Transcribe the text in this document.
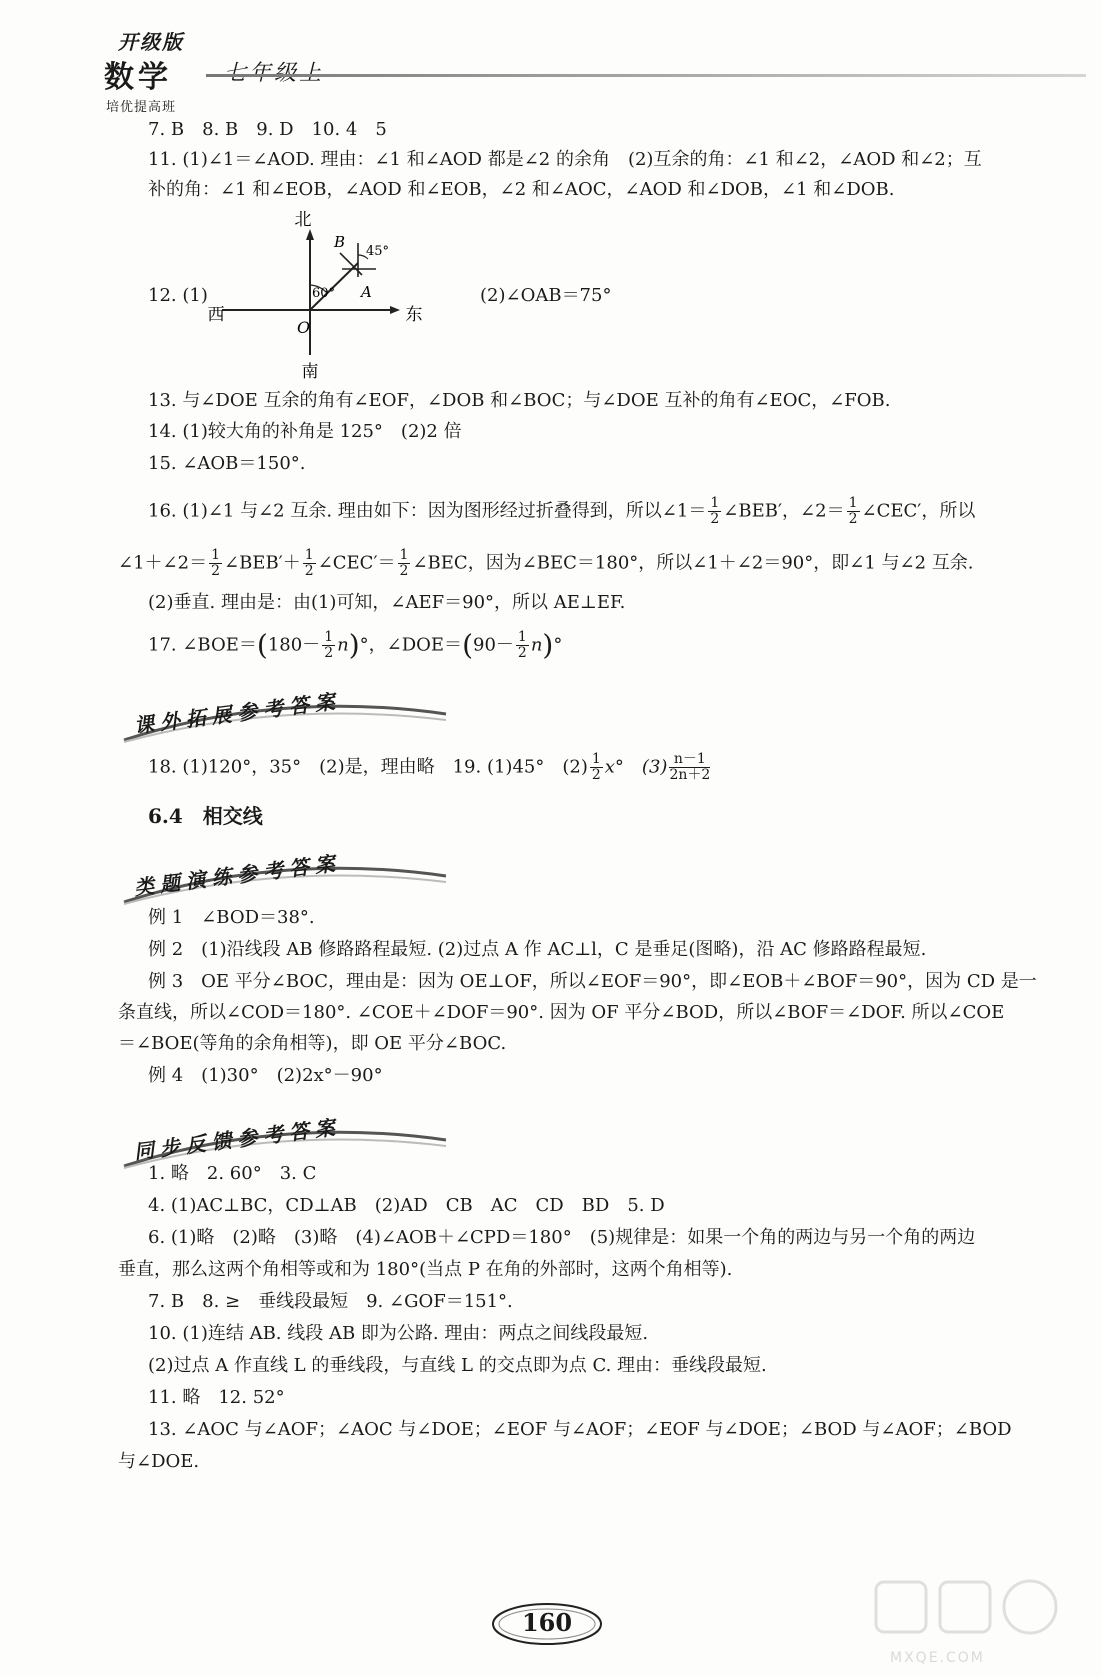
开级版
数学
培优提高班
7. B　8. B　9. D　10. 4　5
11. (1)∠1＝∠AOD. 理由：∠1 和∠AOD 都是∠2 的余角　(2)互余的角：∠1 和∠2，∠AOD 和∠2；互
补的角：∠1 和∠EOB，∠AOD 和∠EOB，∠2 和∠AOC，∠AOD 和∠DOB，∠1 和∠DOB.
12. (1)	(2)∠OAB＝75°
北
南
西	东
O
A
B
60°
45°
13. 与∠DOE 互余的角有∠EOF，∠DOB 和∠BOC；与∠DOE 互补的角有∠EOC，∠FOB.
14. (1)较大角的补角是 125°　(2)2 倍
15. ∠AOB＝150°.
16. (1)∠1 与∠2 互余. 理由如下：因为图形经过折叠得到，所以∠1＝ $\frac{1}{2}$ ∠BEB′，∠2＝ $\frac{1}{2}$ ∠CEC′，所以
∠1＋∠2＝ $\frac{1}{2}$ ∠BEB′＋ $\frac{1}{2}$ ∠CEC′＝ $\frac{1}{2}$ ∠BEC，因为∠BEC＝180°，所以∠1＋∠2＝90°，即∠1 与∠2 互余.
(2)垂直. 理由是：由(1)可知，∠AEF＝90°，所以 AE⊥EF.
17. ∠BOE＝(180－ $\frac{1}{2} n)^\circ$，∠DOE＝(90－ $\frac{1}{2} n)^\circ$
课外拓展参考答案
18. (1)120°，35°　(2)是，理由略　19. (1)45°　$(2) \frac{1}{2} x^\circ$　$(3) \frac{n-1}{2n+2}$
6.4　相交线
类题演练参考答案
例 1　∠BOD＝38°.
例 2　(1)沿线段 AB 修路路程最短. (2)过点 A 作 AC⊥l，C 是垂足(图略)，沿 AC 修路路程最短.
例 3　OE 平分∠BOC，理由是：因为 OE⊥OF，所以∠EOF＝90°，即∠EOB＋∠BOF＝90°，因为 CD 是一
条直线，所以∠COD＝180°. ∠COE＋∠DOF＝90°. 因为 OF 平分∠BOD，所以∠BOF＝∠DOF. 所以∠COE
＝∠BOE(等角的余角相等)，即 OE 平分∠BOC.
例 4　(1)30°　(2)2x°－90°
同步反馈参考答案
1. 略　2. 60°　3. C
4. (1)AC⊥BC，CD⊥AB　(2)AD　CB　AC　CD　BD　5. D
6. (1)略　(2)略　(3)略　(4)∠AOB＋∠CPD＝180°　(5)规律是：如果一个角的两边与另一个角的两边
垂直，那么这两个角相等或和为 180°(当点 P 在角的外部时，这两个角相等).
7. B　8. ≥　垂线段最短　9. ∠GOF＝151°.
10. (1)连结 AB. 线段 AB 即为公路. 理由：两点之间线段最短.
(2)过点 A 作直线 L 的垂线段，与直线 L 的交点即为点 C. 理由：垂线段最短.
11. 略　12. 52°
13. ∠AOC 与∠AOF；∠AOC 与∠DOE；∠EOF 与∠AOF；∠EOF 与∠DOE；∠BOD 与∠AOF；∠BOD
与∠DOE.
160
MXQE.COM
